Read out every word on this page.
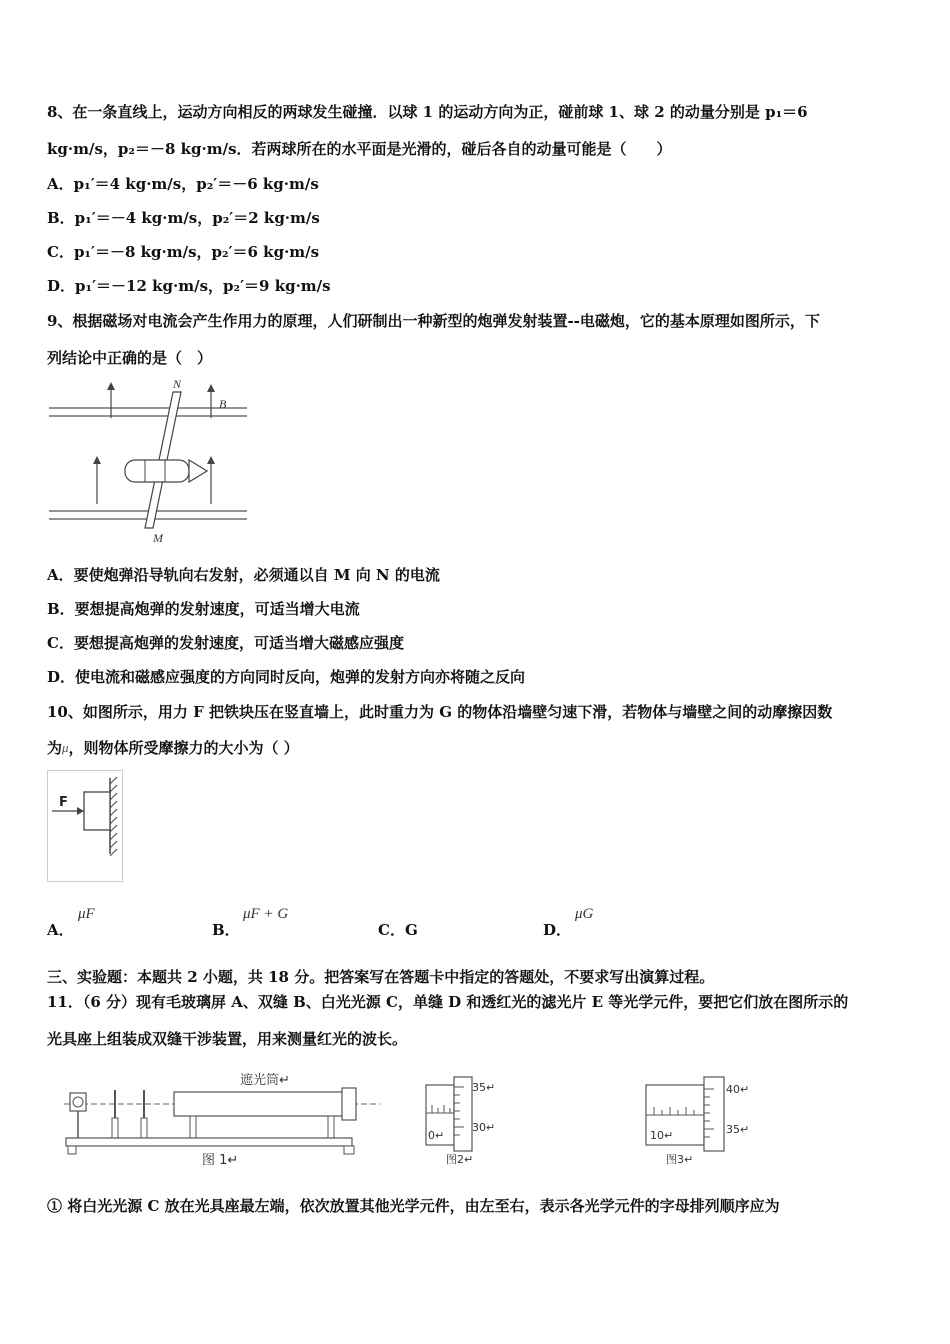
8、在一条直线上，运动方向相反的两球发生碰撞．以球 1 的运动方向为正，碰前球 1、球 2 的动量分别是 p₁＝6
kg·m/s，p₂＝－8 kg·m/s．若两球所在的水平面是光滑的，碰后各自的动量可能是（　　）
A．p₁′＝4 kg·m/s，p₂′＝－6 kg·m/s
B．p₁′＝－4 kg·m/s，p₂′＝2 kg·m/s
C．p₁′＝－8 kg·m/s，p₂′＝6 kg·m/s
D．p₁′＝－12 kg·m/s，p₂′＝9 kg·m/s
9、根据磁场对电流会产生作用力的原理，人们研制出一种新型的炮弹发射装置--电磁炮，它的基本原理如图所示，下
列结论中正确的是（　）
N
B
M
A．要使炮弹沿导轨向右发射，必须通以自 M 向 N 的电流
B．要想提高炮弹的发射速度，可适当增大电流
C．要想提高炮弹的发射速度，可适当增大磁感应强度
D．使电流和磁感应强度的方向同时反向，炮弹的发射方向亦将随之反向
10、如图所示，用力 F 把铁块压在竖直墙上，此时重力为 G 的物体沿墙壁匀速下滑，若物体与墙壁之间的动摩擦因数
为μ，则物体所受摩擦力的大小为（ ）
F
A．
μF
B．
μF + G
C．G	D．
μG
三、实验题：本题共 2 小题，共 18 分。把答案写在答题卡中指定的答题处，不要求写出演算过程。
11．（6 分）现有毛玻璃屏 A、双缝 B、白光光源 C，单缝 D 和透红光的滤光片 E 等光学元件，要把它们放在图所示的
光具座上组装成双缝干涉装置，用来测量红光的波长。
遮光筒↵
图 1↵
35↵
30↵
0↵
图2↵
40↵
35↵
10↵
图3↵
① 将白光光源 C 放在光具座最左端，依次放置其他光学元件，由左至右，表示各光学元件的字母排列顺序应为
